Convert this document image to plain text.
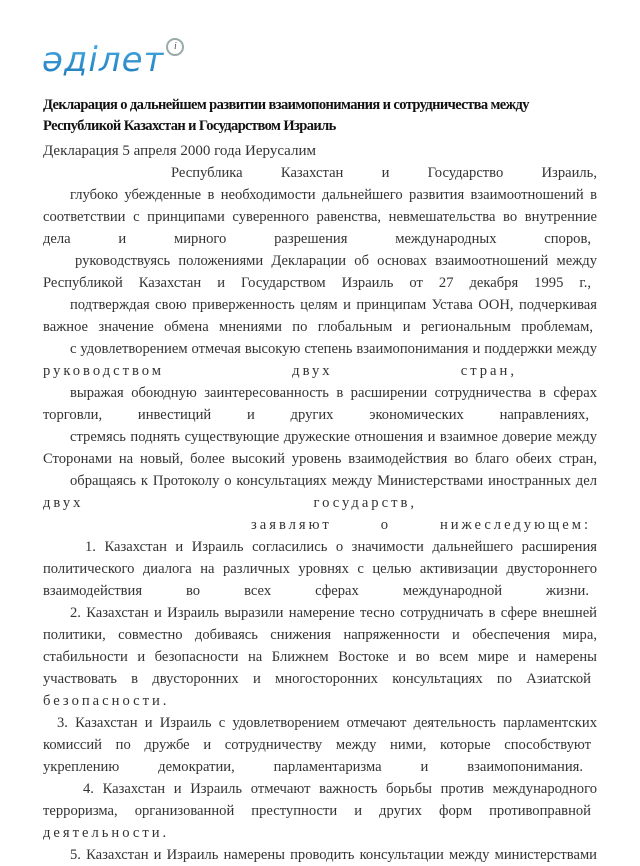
әділет i
Декларация о дальнейшем развитии взаимопонимания и сотрудничества между Республикой Казахстан и Государством Израиль
Декларация 5 апреля 2000 года Иерусалим
Республика Казахстан и Государство Израиль,
глубоко убежденные в необходимости дальнейшего развития взаимоотношений в
соответствии с принципами суверенного равенства, невмешательства во внутренние
дела и мирного разрешения международных споров,
руководствуясь положениями Декларации об основах взаимоотношений между
Республикой Казахстан и Государством Израиль от 27 декабря 1995 г.,
подтверждая свою приверженность целям и принципам Устава ООН, подчеркивая
важное значение обмена мнениями по глобальным и региональным проблемам,
с удовлетворением отмечая высокую степень взаимопонимания и поддержки между
руководством двух стран,
выражая обоюдную заинтересованность в расширении сотрудничества в сферах
торговли, инвестиций и других экономических направлениях,
стремясь поднять существующие дружеские отношения и взаимное доверие между
Сторонами на новый, более высокий уровень взаимодействия во благо обеих стран,
обращаясь к Протоколу о консультациях между Министерствами иностранных дел
двух государств,
заявляют о нижеследующем:
1. Казахстан и Израиль согласились о значимости дальнейшего расширения
политического диалога на различных уровнях с целью активизации двустороннего
взаимодействия во всех сферах международной жизни.
2. Казахстан и Израиль выразили намерение тесно сотрудничать в сфере внешней
политики, совместно добиваясь снижения напряженности и обеспечения мира,
стабильности и безопасности на Ближнем Востоке и во всем мире и намерены
участвовать в двусторонних и многосторонних консультациях по Азиатской
безопасности.
3. Казахстан и Израиль с удовлетворением отмечают деятельность парламентских
комиссий по дружбе и сотрудничеству между ними, которые способствуют
укреплению демократии, парламентаризма и взаимопонимания.
4. Казахстан и Израиль отмечают важность борьбы против международного
терроризма, организованной преступности и других форм противоправной
деятельности.
5. Казахстан и Израиль намерены проводить консультации между министерствами
